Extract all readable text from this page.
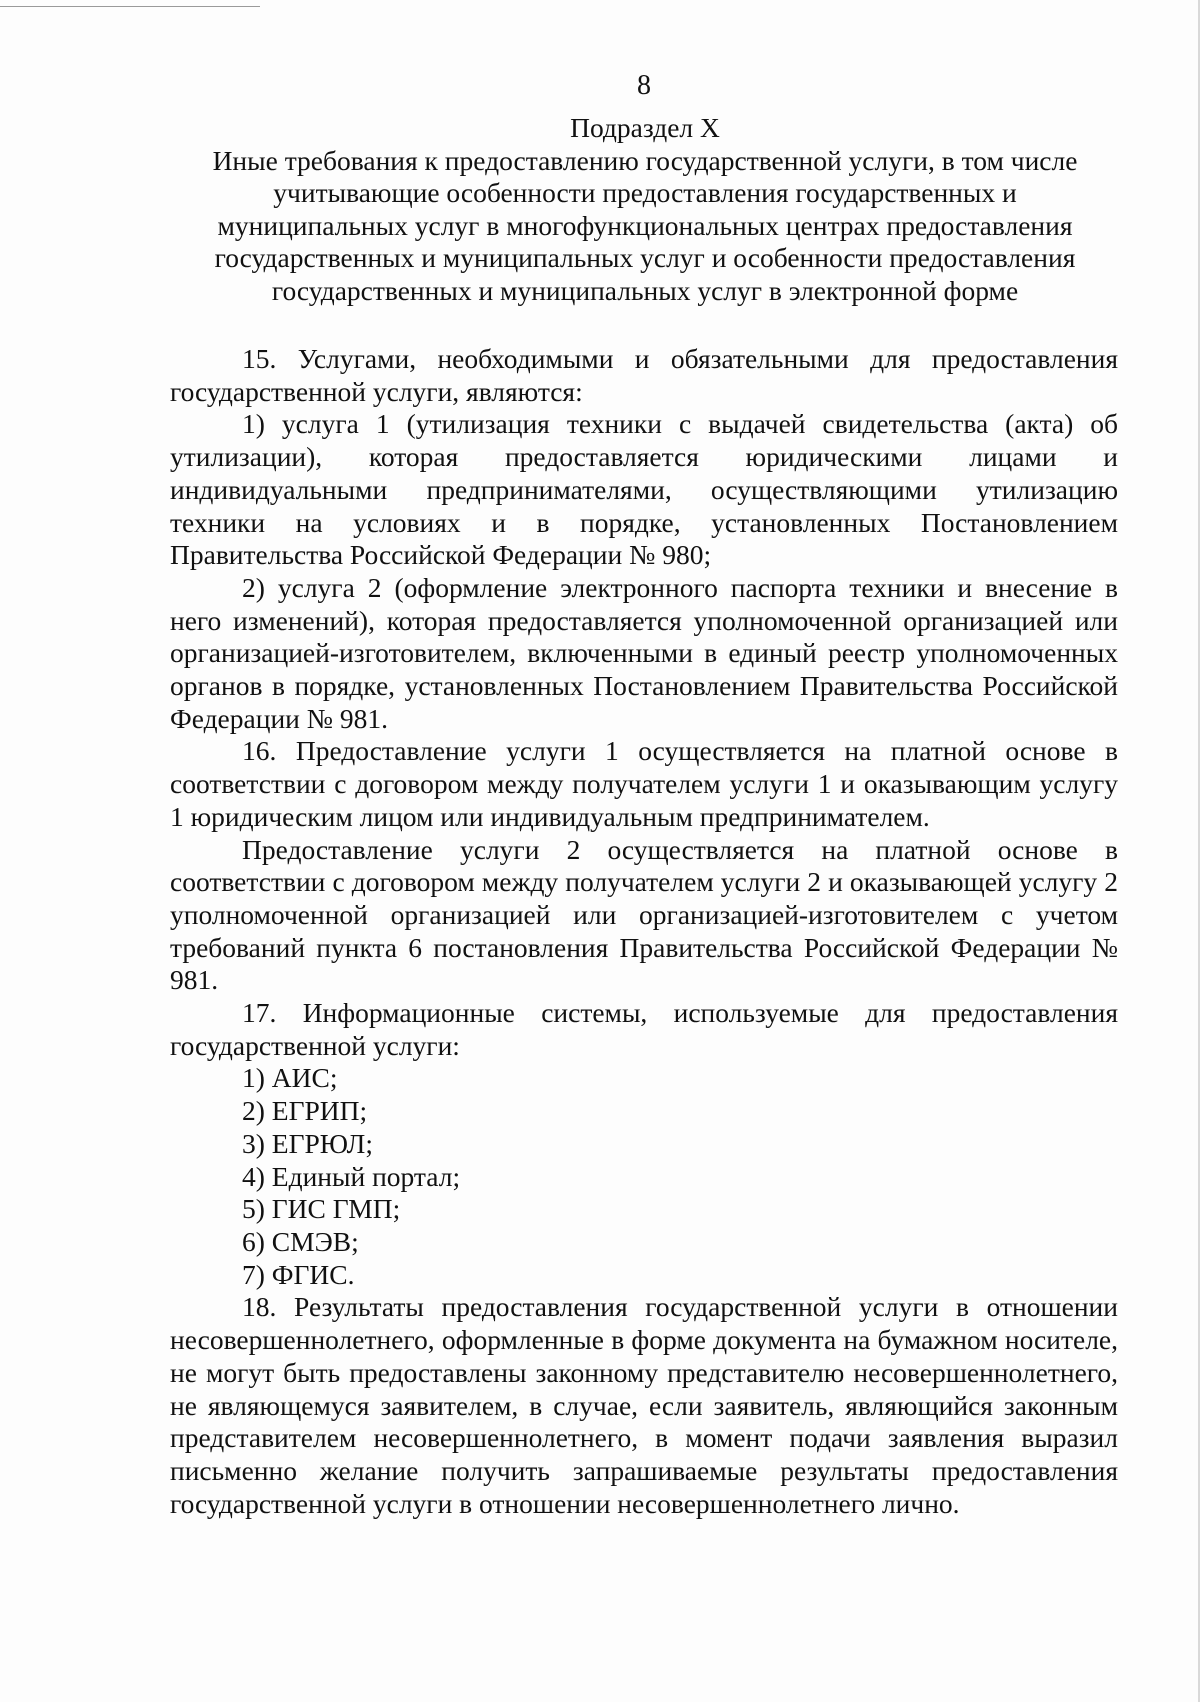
8
Подраздел X
Иные требования к предоставлению государственной услуги, в том числе
учитывающие особенности предоставления государственных и
муниципальных услуг в многофункциональных центрах предоставления
государственных и муниципальных услуг и особенности предоставления
государственных и муниципальных услуг в электронной форме

15. Услугами, необходимыми и обязательными для предоставления государственной услуги, являются:

1) услуга 1 (утилизация техники с выдачей свидетельства (акта) об утилизации), которая предоставляется юридическими лицами и индивидуальными предпринимателями, осуществляющими утилизацию техники на условиях и в порядке, установленных Постановлением Правительства Российской Федерации № 980;

2) услуга 2 (оформление электронного паспорта техники и внесение в него изменений), которая предоставляется уполномоченной организацией или организацией-изготовителем, включенными в единый реестр уполномоченных органов в порядке, установленных Постановлением Правительства Российской Федерации № 981.

16. Предоставление услуги 1 осуществляется на платной основе в соответствии с договором между получателем услуги 1 и оказывающим услугу 1 юридическим лицом или индивидуальным предпринимателем.

Предоставление услуги 2 осуществляется на платной основе в соответствии с договором между получателем услуги 2 и оказывающей услугу 2 уполномоченной организацией или организацией-изготовителем с учетом требований пункта 6 постановления Правительства Российской Федерации № 981.

17. Информационные системы, используемые для предоставления государственной услуги:

1) АИС;

2) ЕГРИП;

3) ЕГРЮЛ;

4) Единый портал;

5) ГИС ГМП;

6) СМЭВ;

7) ФГИС.

18. Результаты предоставления государственной услуги в отношении несовершеннолетнего, оформленные в форме документа на бумажном носителе, не могут быть предоставлены законному представителю несовершеннолетнего, не являющемуся заявителем, в случае, если заявитель, являющийся законным представителем несовершеннолетнего, в момент подачи заявления выразил письменно желание получить запрашиваемые результаты предоставления государственной услуги в отношении несовершеннолетнего лично.
